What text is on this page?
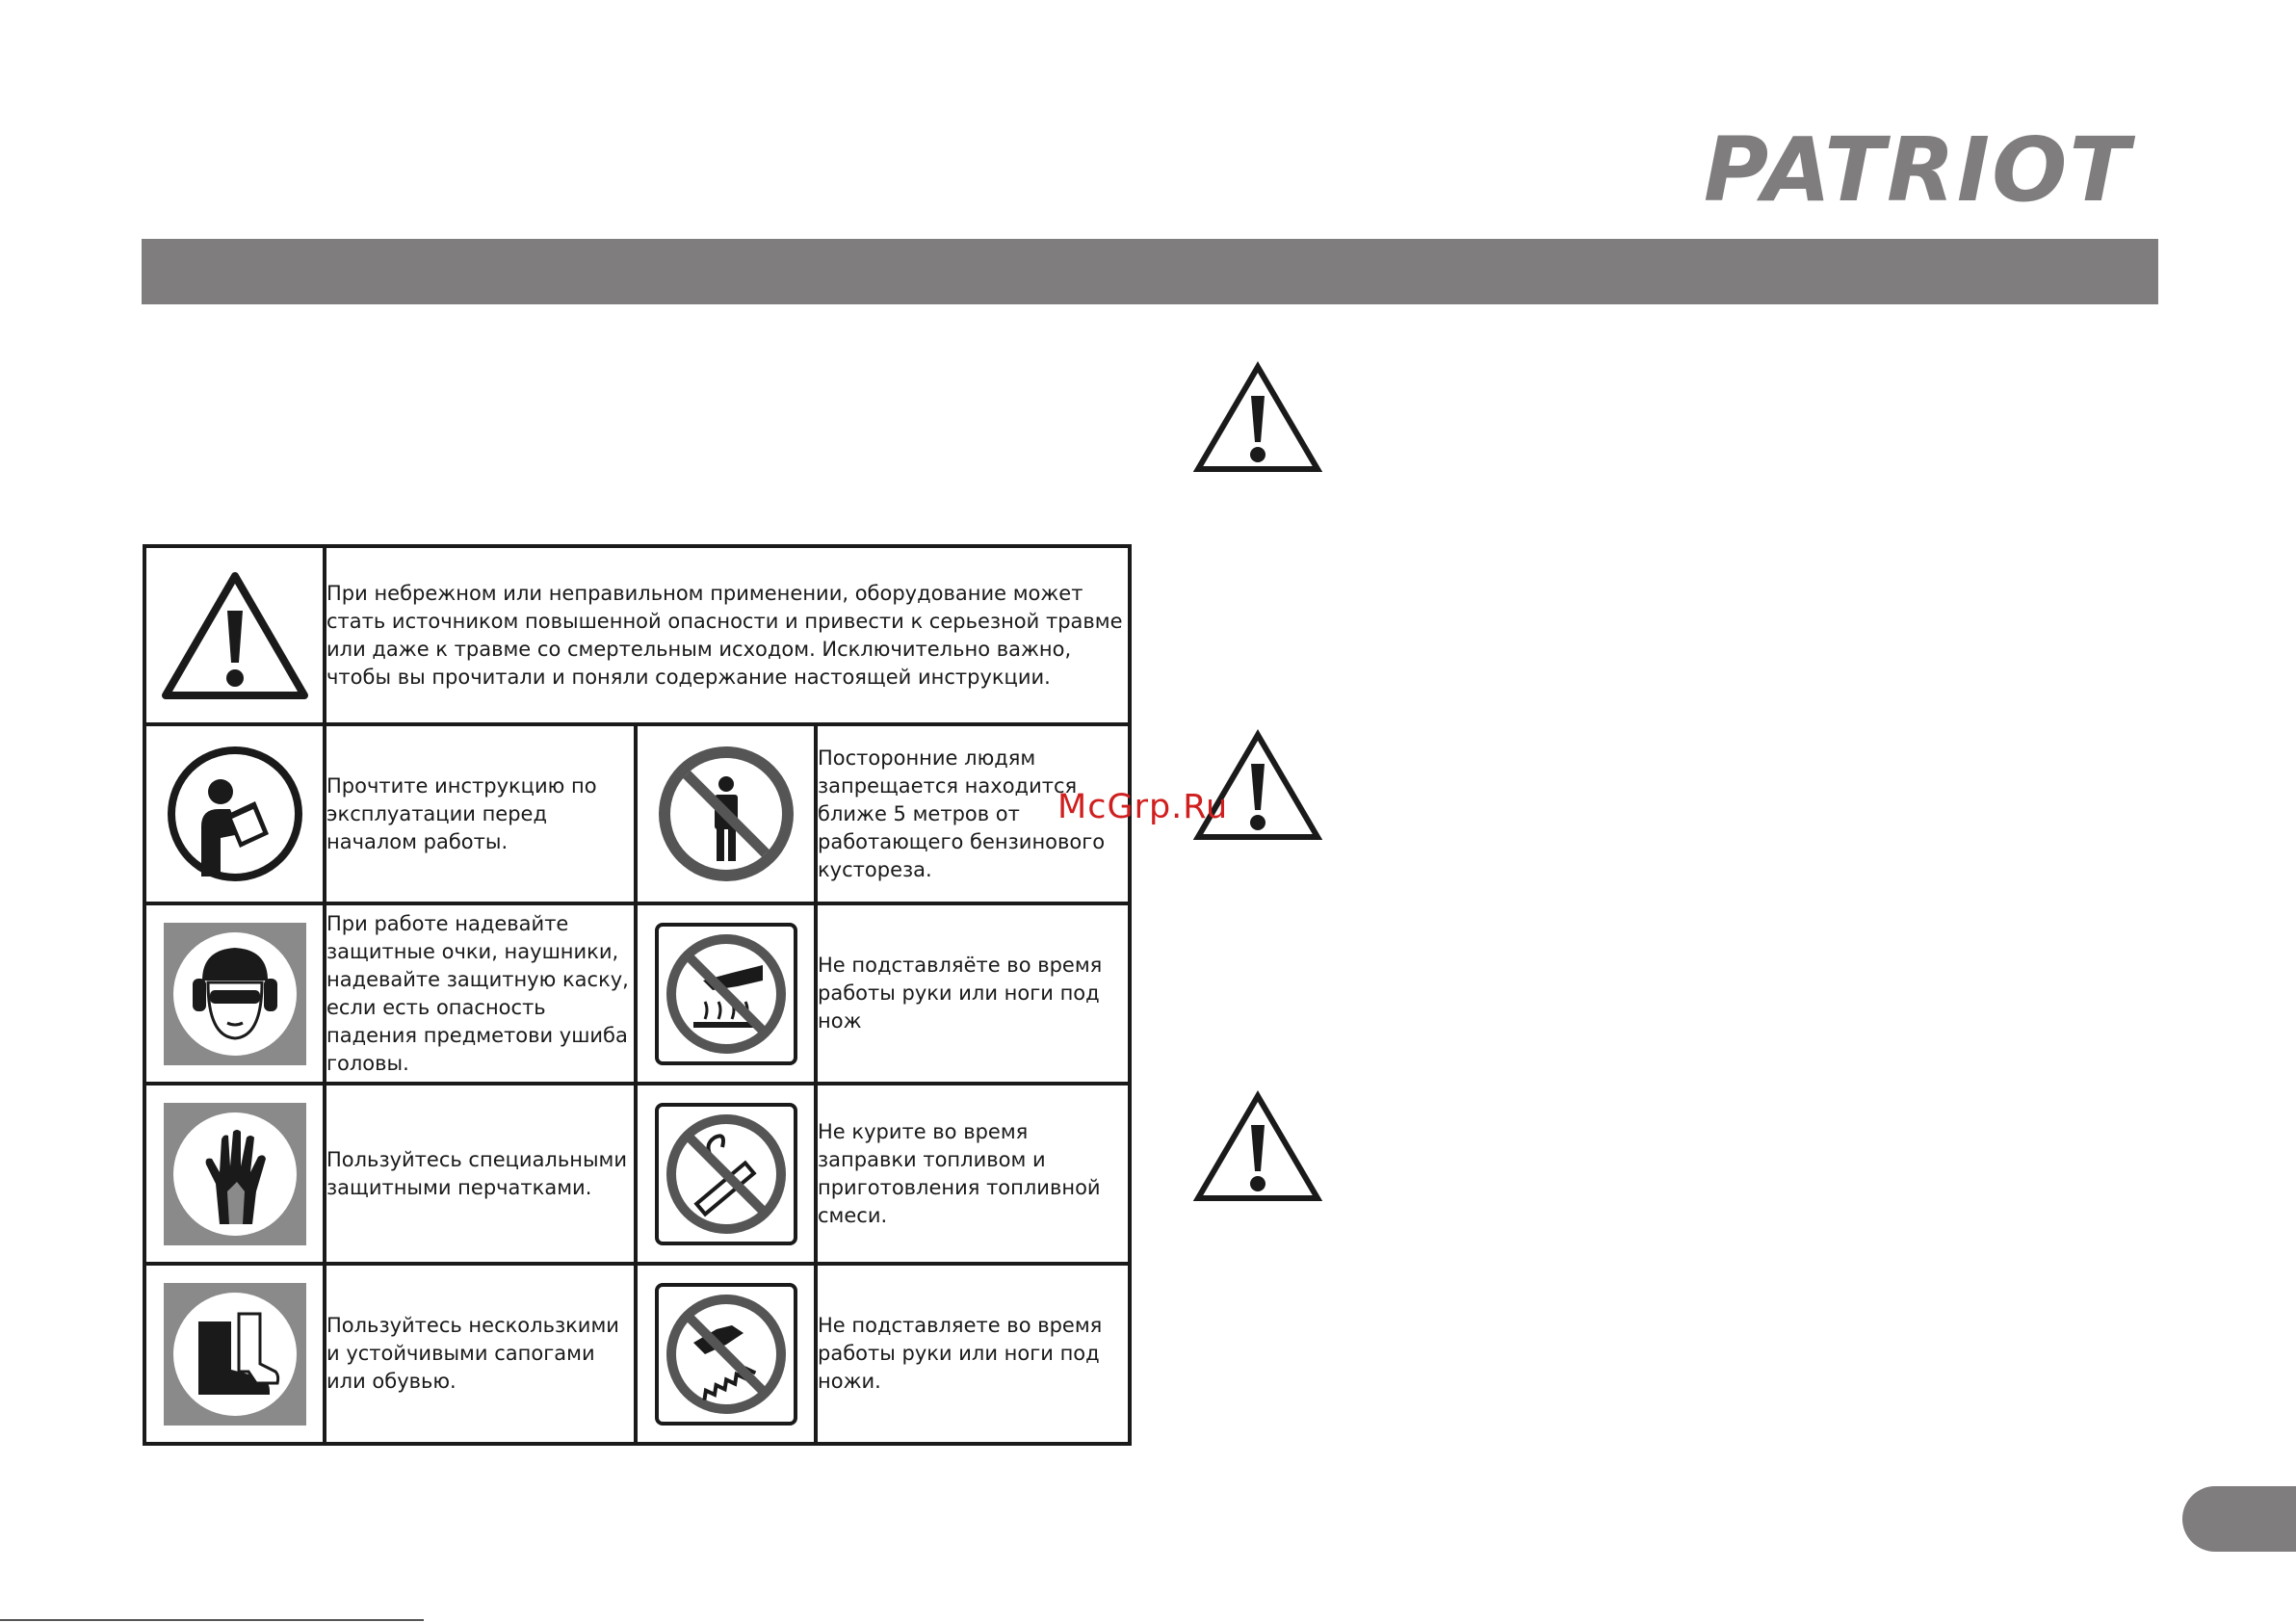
PATRIOT
	При небрежном или неправильном применении, оборудование может стать источником повышенной опасности и привести к серьезной травме или даже к травме со смертельным исходом. Исключительно важно, чтобы вы прочитали и поняли содержание настоящей инструкции.		

	Прочтите инструкцию по эксплуатации перед началом работы.		Посторонние людям запрещается находится ближе 5 метров от работающего бензинового кустореза.

	При работе надевайте защитные очки, наушники, надевайте защитную каску, если есть опасность падения предметови ушиба головы.		Не подставляёте во время работы руки или ноги под нож

	Пользуйтесь специальными защитными перчатками.		Не курите во время заправки топливом и приготовления топливной смеси.

	Пользуйтесь нескользкими и устойчивыми сапогами или обувью.		Не подставляете во время работы руки или ноги под ножи.
McGrp.Ru
